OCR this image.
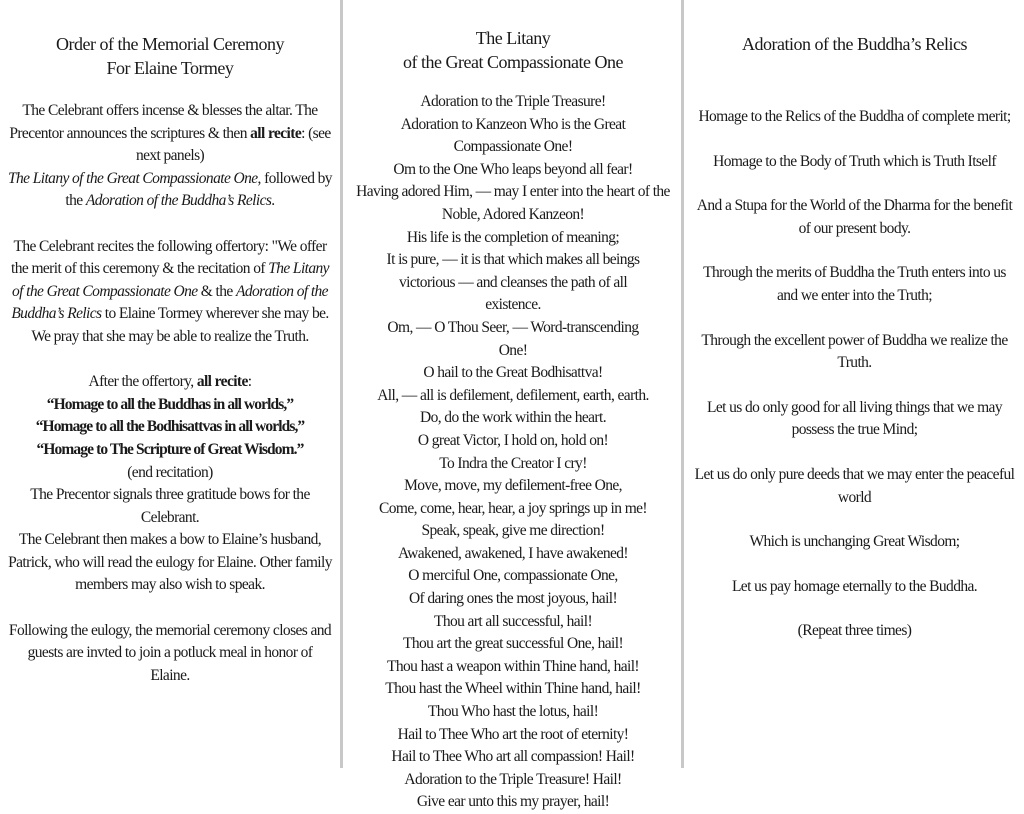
Order of the Memorial Ceremony
For Elaine Tormey

The Celebrant offers incense & blesses the altar. The Precentor announces the scriptures & then all recite: (see next panels)
The Litany of the Great Compassionate One, followed by the Adoration of the Buddha’s Relics.

The Celebrant recites the following offertory: "We offer the merit of this ceremony & the recitation of The Litany of the Great Compassionate One & the Adoration of the Buddha’s Relics to Elaine Tormey wherever she may be. We pray that she may be able to realize the Truth.

After the offertory, all recite:
“Homage to all the Buddhas in all worlds,”
“Homage to all the Bodhisattvas in all worlds,”
“Homage to The Scripture of Great Wisdom.”
(end recitation)
The Precentor signals three gratitude bows for the Celebrant.
The Celebrant then makes a bow to Elaine’s husband, Patrick, who will read the eulogy for Elaine. Other family members may also wish to speak.

Following the eulogy, the memorial ceremony closes and guests are invted to join a potluck meal in honor of Elaine.

The Litany
of the Great Compassionate One
Adoration to the Triple Treasure!
Adoration to Kanzeon Who is the Great Compassionate One!
Om to the One Who leaps beyond all fear!
Having adored Him, — may I enter into the heart of the Noble, Adored Kanzeon!
His life is the completion of meaning;
It is pure, — it is that which makes all beings victorious — and cleanses the path of all existence.
Om, — O Thou Seer, — Word-transcending One!
O hail to the Great Bodhisattva!
All, — all is defilement, defilement, earth, earth.
Do, do the work within the heart.
O great Victor, I hold on, hold on!
To Indra the Creator I cry!
Move, move, my defilement-free One,
Come, come, hear, hear, a joy springs up in me!
Speak, speak, give me direction!
Awakened, awakened, I have awakened!
O merciful One, compassionate One,
Of daring ones the most joyous, hail!
Thou art all successful, hail!
Thou art the great successful One, hail!
Thou hast a weapon within Thine hand, hail!
Thou hast the Wheel within Thine hand, hail!
Thou Who hast the lotus, hail!
Hail to Thee Who art the root of eternity!
Hail to Thee Who art all compassion! Hail!
Adoration to the Triple Treasure! Hail!
Give ear unto this my prayer, hail!
Adoration of the Buddha’s Relics

Homage to the Relics of the Buddha of complete merit;

Homage to the Body of Truth which is Truth Itself

And a Stupa for the World of the Dharma for the benefit of our present body.

Through the merits of Buddha the Truth enters into us and we enter into the Truth;

Through the excellent power of Buddha we realize the Truth.

Let us do only good for all living things that we may possess the true Mind;

Let us do only pure deeds that we may enter the peaceful world

Which is unchanging Great Wisdom;

Let us pay homage eternally to the Buddha.

(Repeat three times)
